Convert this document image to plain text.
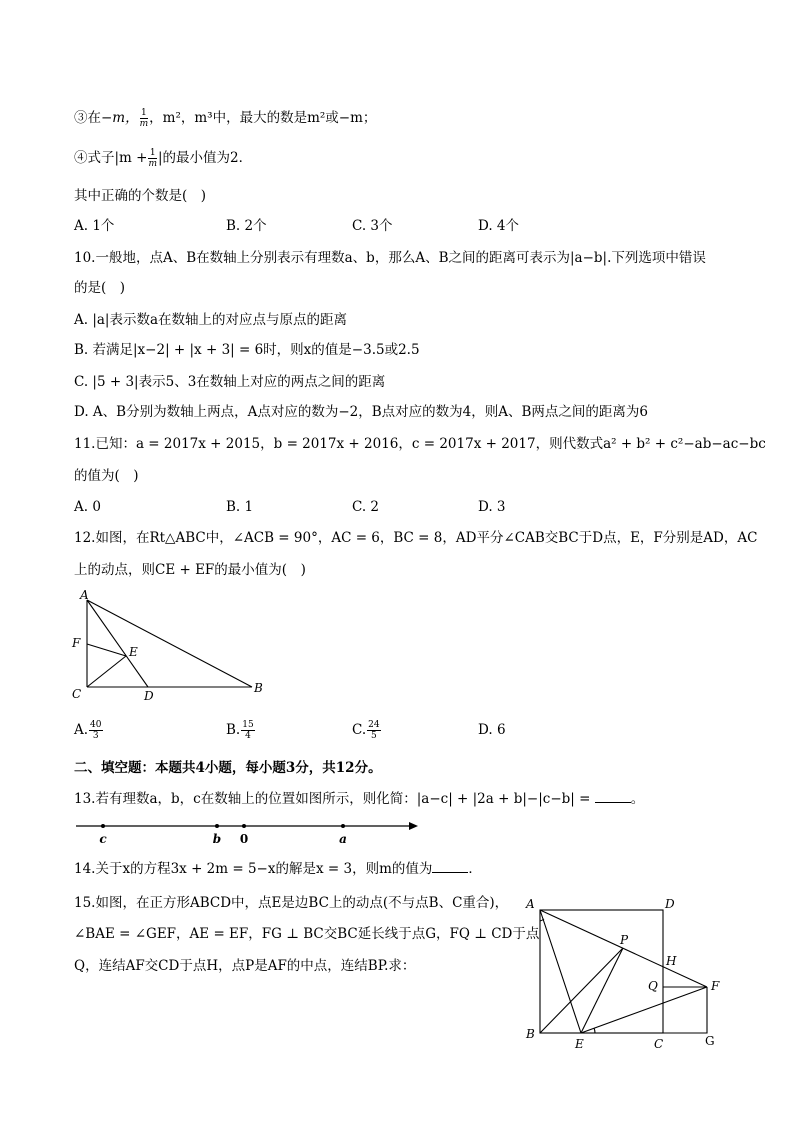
③在−m， $\frac{1}{m}$ ，m²，m³中，最大的数是m²或−m；
④式子$|m + \frac{1}{m}$ |的最小值为2．
其中正确的个数是(　)
A. 1个	B. 2个	C. 3个	D. 4个
10.一般地，点A、B在数轴上分别表示有理数a、b，那么A、B之间的距离可表示为|a−b|.下列选项中错误
的是(　)
A. |a|表示数a在数轴上的对应点与原点的距离
B. 若满足|x−2| + |x + 3| = 6时，则x的值是−3.5或2.5
C. |5 + 3|表示5、3在数轴上对应的两点之间的距离
D. A、B分别为数轴上两点，A点对应的数为−2，B点对应的数为4，则A、B两点之间的距离为6
11.已知：a = 2017x + 2015，b = 2017x + 2016，c = 2017x + 2017，则代数式a² + b² + c²−ab−ac−bc
的值为(　)
A. 0	B. 1	C. 2	D. 3
12.如图，在Rt△ABC中，∠ACB = 90°，AC = 6，BC = 8，AD平分∠CAB交BC于D点，E，F分别是AD，AC
上的动点，则CE + EF的最小值为(　)
A
F
E
C	D
B
A. $\frac{40}{3}$	B. $\frac{15}{4}$	C. $\frac{24}{5}$	D. 6
二、填空题：本题共4小题，每小题3分，共12分。
13.若有理数a，b，c在数轴上的位置如图所示，则化简：|a−c| + |2a + b|−|c−b| =	。
c	b 0	a
14.关于x的方程3x + 2m = 5−x的解是x = 3，则m的值为	．
15.如图，在正方形ABCD中，点E是边BC上的动点(不与点B、C重合)，
∠BAE = ∠GEF，AE = EF，FG ⊥ BC交BC延长线于点G，FQ ⊥ CD于点
Q，连结AF交CD于点H，点P是AF的中点，连结BP.求：
A	D
P
H
Q	F
B
E	C	G
